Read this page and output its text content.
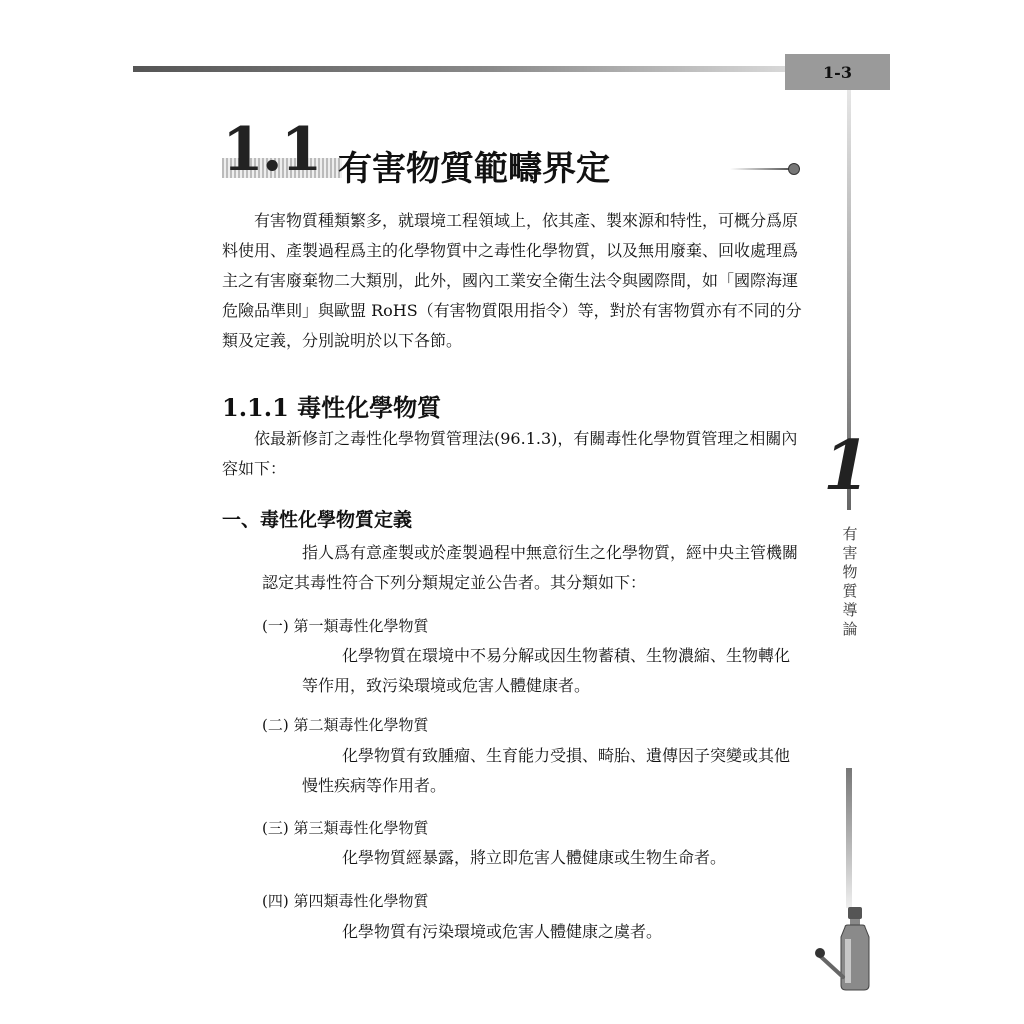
1-3
1
有
害
物
質
導
論
1.1 有害物質範疇界定
有害物質種類繁多，就環境工程領域上，依其產、製來源和特性，可概分爲原料使用、產製過程爲主的化學物質中之毒性化學物質，以及無用廢棄、回收處理爲主之有害廢棄物二大類別，此外，國內工業安全衛生法令與國際間，如「國際海運危險品準則」與歐盟 RoHS（有害物質限用指令）等，對於有害物質亦有不同的分類及定義，分別說明於以下各節。
1.1.1 毒性化學物質
依最新修訂之毒性化學物質管理法(96.1.3)，有關毒性化學物質管理之相關內容如下：
一、毒性化學物質定義
指人爲有意產製或於產製過程中無意衍生之化學物質，經中央主管機關認定其毒性符合下列分類規定並公告者。其分類如下：
(一) 第一類毒性化學物質
化學物質在環境中不易分解或因生物蓄積、生物濃縮、生物轉化等作用，致污染環境或危害人體健康者。
(二) 第二類毒性化學物質
化學物質有致腫瘤、生育能力受損、畸胎、遺傳因子突變或其他慢性疾病等作用者。
(三) 第三類毒性化學物質
化學物質經暴露，將立即危害人體健康或生物生命者。
(四) 第四類毒性化學物質
化學物質有污染環境或危害人體健康之虞者。
